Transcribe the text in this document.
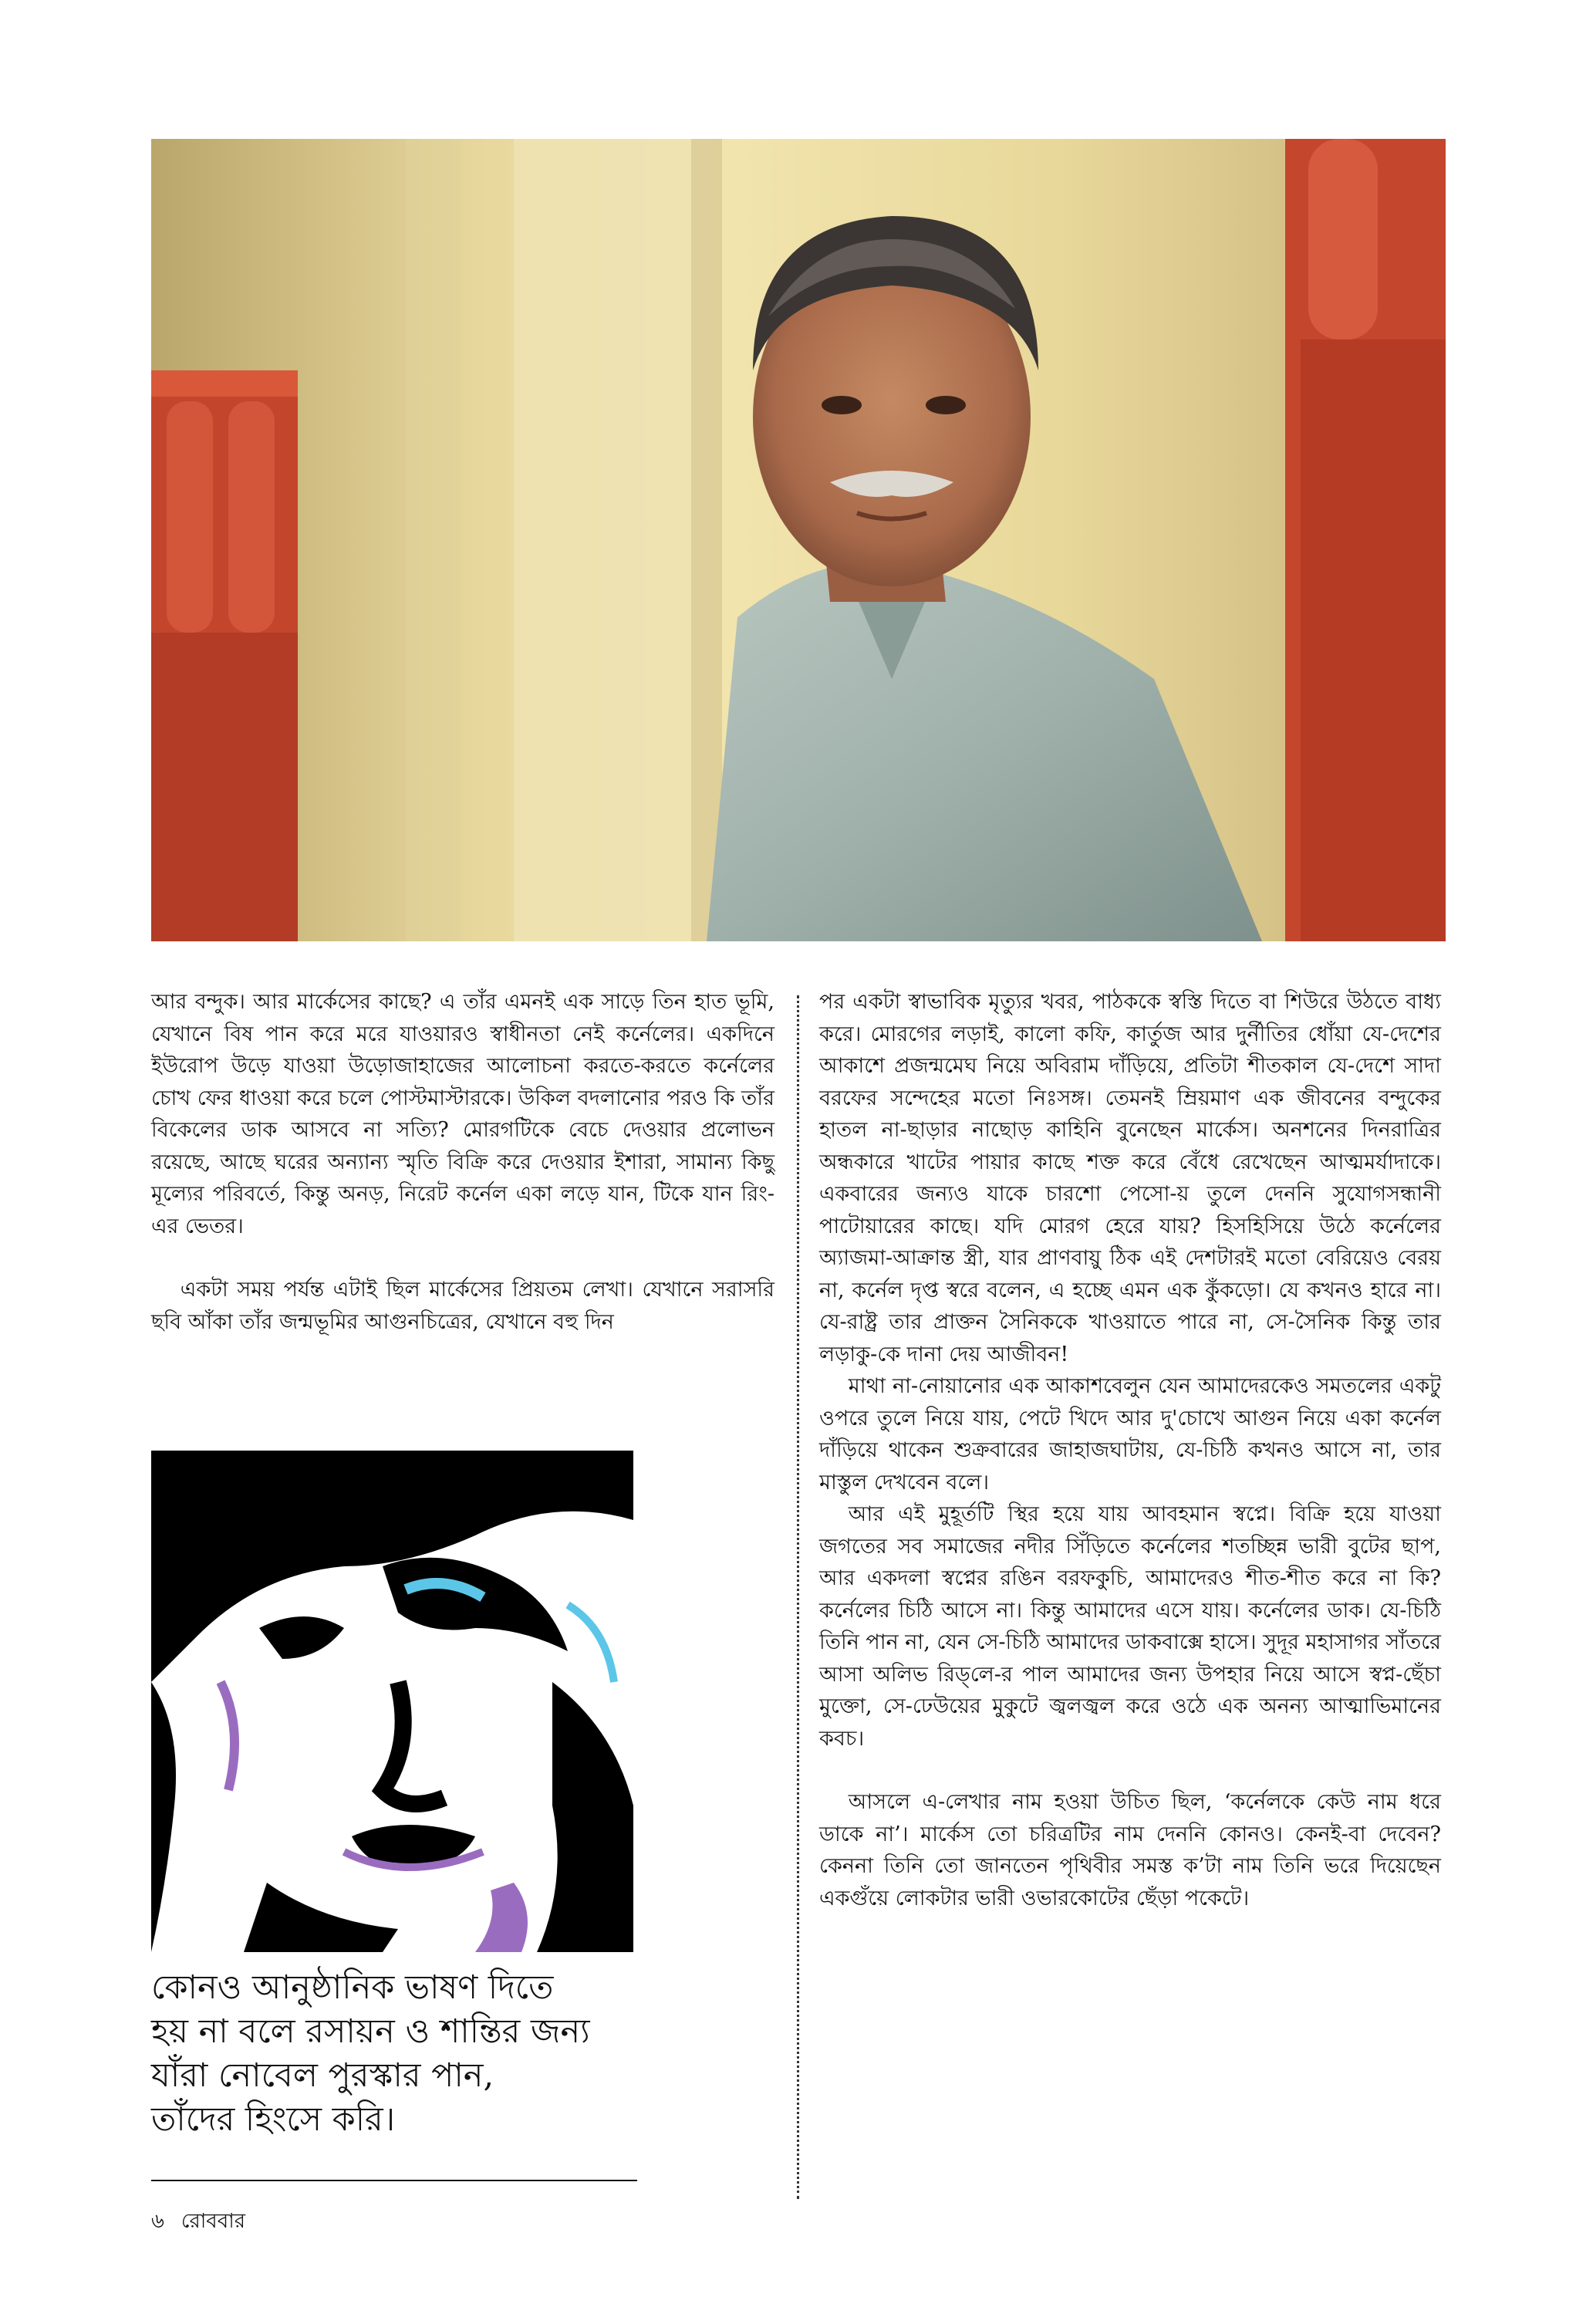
আর বন্দুক। আর মার্কেসের কাছে? এ তাঁর এমনই এক সাড়ে তিন হাত ভূমি, যেখানে বিষ পান করে মরে যাওয়ারও স্বাধীনতা নেই কর্নেলের। একদিনে ইউরোপ উড়ে যাওয়া উড়োজাহাজের আলোচনা করতে-করতে কর্নেলের চোখ ফের ধাওয়া করে চলে পোস্টমাস্টারকে। উকিল বদলানোর পরও কি তাঁর বিকেলের ডাক আসবে না সত্যি? মোরগটিকে বেচে দেওয়ার প্রলোভন রয়েছে, আছে ঘরের অন্যান্য স্মৃতি বিক্রি করে দেওয়ার ইশারা, সামান্য কিছু মূল্যের পরিবর্তে, কিন্তু অনড়, নিরেট কর্নেল একা লড়ে যান, টিকে যান রিং-এর ভেতর।

একটা সময় পর্যন্ত এটাই ছিল মার্কেসের প্রিয়তম লেখা। যেখানে সরাসরি ছবি আঁকা তাঁর জন্মভূমির আগুনচিত্রের, যেখানে বহু দিন

কোনও আনুষ্ঠানিক ভাষণ দিতে
হয় না বলে রসায়ন ও শান্তির জন্য
যাঁরা নোবেল পুরস্কার পান,
তাঁদের হিংসে করি।

পর একটা স্বাভাবিক মৃত্যুর খবর, পাঠককে স্বস্তি দিতে বা শিউরে উঠতে বাধ্য করে। মোরগের লড়াই, কালো কফি, কার্তুজ আর দুর্নীতির ধোঁয়া যে-দেশের আকাশে প্রজন্মমেঘ নিয়ে অবিরাম দাঁড়িয়ে, প্রতিটা শীতকাল যে-দেশে সাদা বরফের সন্দেহের মতো নিঃসঙ্গ। তেমনই ম্রিয়মাণ এক জীবনের বন্দুকের হাতল না-ছাড়ার নাছোড় কাহিনি বুনেছেন মার্কেস। অনশনের দিনরাত্রির অন্ধকারে খাটের পায়ার কাছে শক্ত করে বেঁধে রেখেছেন আত্মমর্যাদাকে। একবারের জন্যও যাকে চারশো পেসো-য় তুলে দেননি সুযোগসন্ধানী পাটোয়ারের কাছে। যদি মোরগ হেরে যায়? হিসহিসিয়ে উঠে কর্নেলের অ্যাজমা-আক্রান্ত স্ত্রী, যার প্রাণবায়ু ঠিক এই দেশটারই মতো বেরিয়েও বেরয় না, কর্নেল দৃপ্ত স্বরে বলেন, এ হচ্ছে এমন এক কুঁকড়ো। যে কখনও হারে না। যে-রাষ্ট্র তার প্রাক্তন সৈনিককে খাওয়াতে পারে না, সে-সৈনিক কিন্তু তার লড়াকু-কে দানা দেয় আজীবন!

মাথা না-নোয়ানোর এক আকাশবেলুন যেন আমাদেরকেও সমতলের একটু ওপরে তুলে নিয়ে যায়, পেটে খিদে আর দু'চোখে আগুন নিয়ে একা কর্নেল দাঁড়িয়ে থাকেন শুক্রবারের জাহাজঘাটায়, যে-চিঠি কখনও আসে না, তার মাস্তুল দেখবেন বলে।

আর এই মুহূর্তটি স্থির হয়ে যায় আবহমান স্বপ্নে। বিক্রি হয়ে যাওয়া জগতের সব সমাজের নদীর সিঁড়িতে কর্নেলের শতচ্ছিন্ন ভারী বুটের ছাপ, আর একদলা স্বপ্নের রঙিন বরফকুচি, আমাদেরও শীত-শীত করে না কি? কর্নেলের চিঠি আসে না। কিন্তু আমাদের এসে যায়। কর্নেলের ডাক। যে-চিঠি তিনি পান না, যেন সে-চিঠি আমাদের ডাকবাক্সে হাসে। সুদূর মহাসাগর সাঁতরে আসা অলিভ রিড্‌লে-র পাল আমাদের জন্য উপহার নিয়ে আসে স্বপ্ন-ছেঁচা মুক্তো, সে-ঢেউয়ের মুকুটে জ্বলজ্বল করে ওঠে এক অনন্য আত্মাভিমানের কবচ।

আসলে এ-লেখার নাম হওয়া উচিত ছিল, ‘কর্নেলকে কেউ নাম ধরে ডাকে না’। মার্কেস তো চরিত্রটির নাম দেননি কোনও। কেনই-বা দেবেন? কেননা তিনি তো জানতেন পৃথিবীর সমস্ত ক’টা নাম তিনি ভরে দিয়েছেন একগুঁয়ে লোকটার ভারী ওভারকোটের ছেঁড়া পকেটে।

৬ রোববার
